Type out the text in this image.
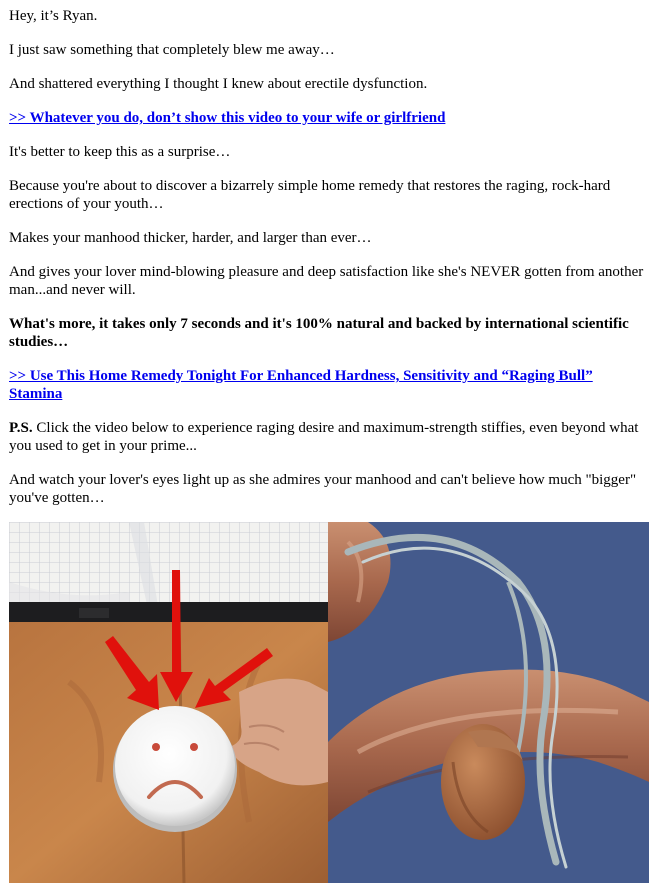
Hey, it’s Ryan.

I just saw something that completely blew me away…

And shattered everything I thought I knew about erectile dysfunction.

>> Whatever you do, don’t show this video to your wife or girlfriend

It's better to keep this as a surprise…

Because you're about to discover a bizarrely simple home remedy that restores the raging, rock-hard erections of your youth…

Makes your manhood thicker, harder, and larger than ever…

And gives your lover mind-blowing pleasure and deep satisfaction like she's NEVER gotten from another man...and never will.

What's more, it takes only 7 seconds and it's 100% natural and backed by international scientific studies…

>> Use This Home Remedy Tonight For Enhanced Hardness, Sensitivity and “Raging Bull” Stamina

P.S. Click the video below to experience raging desire and maximum-strength stiffies, even beyond what you used to get in your prime...

And watch your lover's eyes light up as she admires your manhood and can't believe how much "bigger" you've gotten…
